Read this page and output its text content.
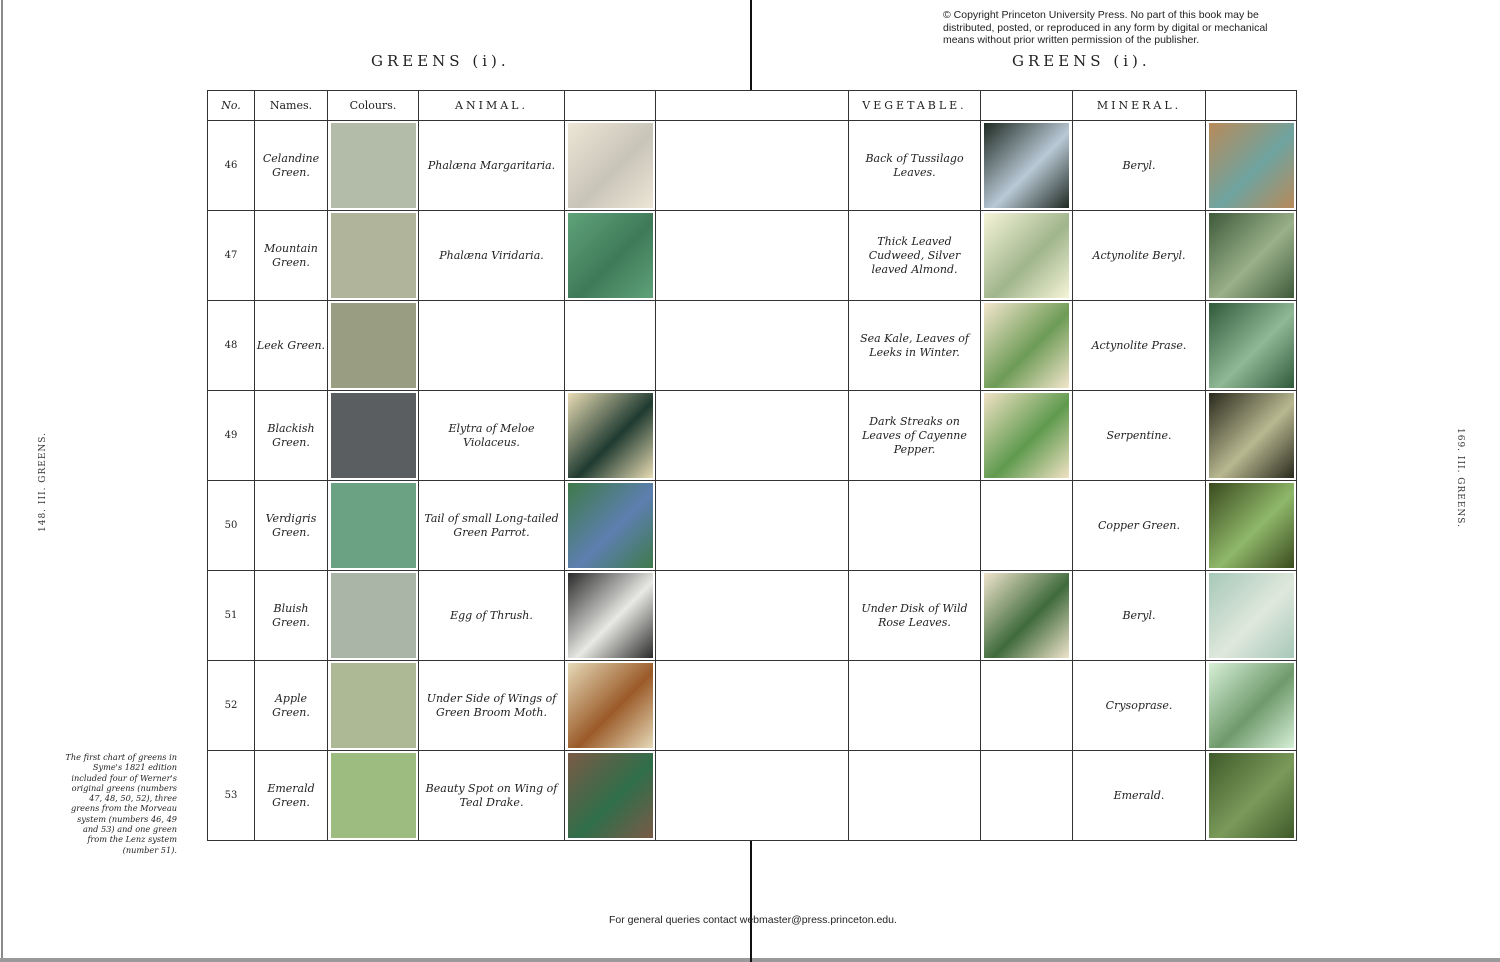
GREENS (i).	GREENS (i).
© Copyright Princeton University Press. No part of this book may be distributed, posted, or reproduced in any form by digital or mechanical means without prior written permission of the publisher.
148. III. GREENS.	169. III. GREENS.
The first chart of greens in Syme's 1821 edition included four of Werner's original greens (numbers 47, 48, 50, 52), three greens from the Morveau system (numbers 46, 49 and 53) and one green from the Lenz system (number 51).
For general queries contact webmaster@press.princeton.edu.
No.	Names.	Colours.	ANIMAL.			VEGETABLE.		MINERAL.	
46	Celandine Green.		Phalæna Margaritaria.			Back of Tussilago Leaves.		Beryl.	

47	Mountain Green.		Phalæna Viridaria.			Thick Leaved Cudweed, Silver leaved Almond.		Actynolite Beryl.	

48	Leek Green.					Sea Kale, Leaves of Leeks in Winter.		Actynolite Prase.	

49	Blackish Green.		Elytra of Meloe Violaceus.			Dark Streaks on Leaves of Cayenne Pepper.		Serpentine.	

50	Verdigris Green.		Tail of small Long-tailed Green Parrot.					Copper Green.	

51	Bluish Green.		Egg of Thrush.			Under Disk of Wild Rose Leaves.		Beryl.	

52	Apple Green.		Under Side of Wings of Green Broom Moth.					Crysoprase.	

53	Emerald Green.		Beauty Spot on Wing of Teal Drake.					Emerald.	
